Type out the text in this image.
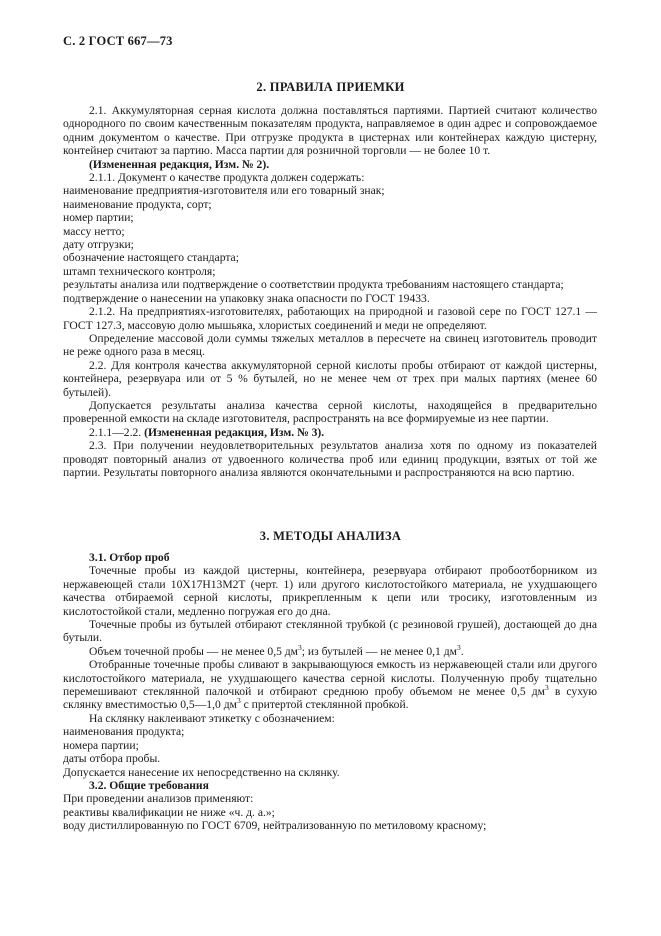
С. 2 ГОСТ 667—73
2. ПРАВИЛА ПРИЕМКИ

2.1. Аккумуляторная серная кислота должна поставляться партиями. Партией считают количество однородного по своим качественным показателям продукта, направляемое в один адрес и сопровождаемое одним документом о качестве. При отгрузке продукта в цистернах или контейнерах каждую цистерну, контейнер считают за партию. Масса партии для розничной торговли — не более 10 т.

(Измененная редакция, Изм. № 2).

2.1.1. Документ о качестве продукта должен содержать:

наименование предприятия-изготовителя или его товарный знак;

наименование продукта, сорт;

номер партии;

массу нетто;

дату отгрузки;

обозначение настоящего стандарта;

штамп технического контроля;

результаты анализа или подтверждение о соответствии продукта требованиям настоящего стандарта;

подтверждение о нанесении на упаковку знака опасности по ГОСТ 19433.

2.1.2. На предприятиях-изготовителях, работающих на природной и газовой сере по ГОСТ 127.1 — ГОСТ 127.3, массовую долю мышьяка, хлористых соединений и меди не определяют.

Определение массовой доли суммы тяжелых металлов в пересчете на свинец изготовитель проводит не реже одного раза в месяц.

2.2. Для контроля качества аккумуляторной серной кислоты пробы отбирают от каждой цистерны, контейнера, резервуара или от 5 % бутылей, но не менее чем от трех при малых партиях (менее 60 бутылей).

Допускается результаты анализа качества серной кислоты, находящейся в предварительно проверенной емкости на складе изготовителя, распространять на все формируемые из нее партии.

2.1.1—2.2. (Измененная редакция, Изм. № 3).

2.3. При получении неудовлетворительных результатов анализа хотя по одному из показателей проводят повторный анализ от удвоенного количества проб или единиц продукции, взятых от той же партии. Результаты повторного анализа являются окончательными и распространяются на всю партию.

3. МЕТОДЫ АНАЛИЗА

3.1. Отбор проб

Точечные пробы из каждой цистерны, контейнера, резервуара отбирают пробоотборником из нержавеющей стали 10Х17Н13М2Т (черт. 1) или другого кислотостойкого материала, не ухудшающего качества отбираемой серной кислоты, прикрепленным к цепи или тросику, изготовленным из кислотостойкой стали, медленно погружая его до дна.

Точечные пробы из бутылей отбирают стеклянной трубкой (с резиновой грушей), достающей до дна бутыли.

Объем точечной пробы — не менее 0,5 $дм^3$; из бутылей — не менее 0,1 $дм^3$.

Отобранные точечные пробы сливают в закрывающуюся емкость из нержавеющей стали или другого кислотостойкого материала, не ухудшающего качества серной кислоты. Полученную пробу тщательно перемешивают стеклянной палочкой и отбирают среднюю пробу объемом не менее 0,5 $дм^3$ в сухую склянку вместимостью 0,5—1,0 $дм^3$ с притертой стеклянной пробкой.

На склянку наклеивают этикетку с обозначением:

наименования продукта;

номера партии;

даты отбора пробы.

Допускается нанесение их непосредственно на склянку.

3.2. Общие требования

При проведении анализов применяют:

реактивы квалификации не ниже «ч. д. а.»;

воду дистиллированную по ГОСТ 6709, нейтрализованную по метиловому красному;
